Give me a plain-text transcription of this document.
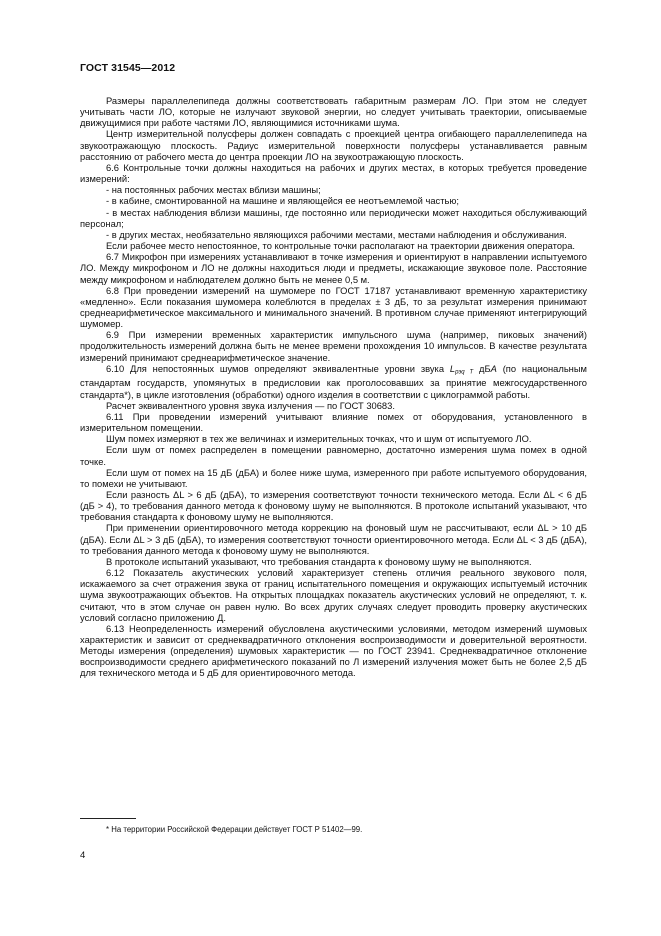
ГОСТ 31545—2012

Размеры параллелепипеда должны соответствовать габаритным размерам ЛО. При этом не следует учитывать части ЛО, которые не излучают звуковой энергии, но следует учитывать траектории, описываемые движущимися при работе частями ЛО, являющимися источниками шума.

Центр измерительной полусферы должен совпадать с проекцией центра огибающего параллелепипеда на звукоотражающую плоскость. Радиус измерительной поверхности полусферы устанавливается равным расстоянию от рабочего места до центра проекции ЛО на звукоотражающую плоскость.

6.6 Контрольные точки должны находиться на рабочих и других местах, в которых требуется проведение измерений:

- на постоянных рабочих местах вблизи машины;

- в кабине, смонтированной на машине и являющейся ее неотъемлемой частью;

- в местах наблюдения вблизи машины, где постоянно или периодически может находиться обслуживающий персонал;

- в других местах, необязательно являющихся рабочими местами, местами наблюдения и обслуживания.

Если рабочее место непостоянное, то контрольные точки располагают на траектории движения оператора.

6.7 Микрофон при измерениях устанавливают в точке измерения и ориентируют в направлении испытуемого ЛО. Между микрофоном и ЛО не должны находиться люди и предметы, искажающие звуковое поле. Расстояние между микрофоном и наблюдателем должно быть не менее 0,5 м.

6.8 При проведении измерений на шумомере по ГОСТ 17187 устанавливают временную характеристику «медленно». Если показания шумомера колеблются в пределах ± 3 дБ, то за результат измерения принимают среднеарифметическое максимального и минимального значений. В противном случае применяют интегрирующий шумомер.

6.9 При измерении временных характеристик импульсного шума (например, пиковых значений) продолжительность измерений должна быть не менее времени прохождения 10 импульсов. В качестве результата измерений принимают среднеарифметическое значение.

6.10 Для непостоянных шумов определяют эквивалентные уровни звука $L_{рэq T}$ дБА (по национальным стандартам государств, упомянутых в предисловии как проголосовавших за принятие межгосударственного стандарта*), в цикле изготовления (обработки) одного изделия в соответствии с циклограммой работы.

Расчет эквивалентного уровня звука излучения — по ГОСТ 30683.

6.11 При проведении измерений учитывают влияние помех от оборудования, установленного в измерительном помещении.

Шум помех измеряют в тех же величинах и измерительных точках, что и шум от испытуемого ЛО.

Если шум от помех распределен в помещении равномерно, достаточно измерения шума помех в одной точке.

Если шум от помех на 15 дБ (дБА) и более ниже шума, измеренного при работе испытуемого оборудования, то помехи не учитывают.

Если разность ΔL > 6 дБ (дБA), то измерения соответствуют точности технического метода. Если ΔL < 6 дБ (дБ > 4), то требования данного метода к фоновому шуму не выполняются. В протоколе испытаний указывают, что требования стандарта к фоновому шуму не выполняются.

При применении ориентировочного метода коррекцию на фоновый шум не рассчитывают, если ΔL > 10 дБ (дБA). Если ΔL > 3 дБ (дБA), то измерения соответствуют точности ориентировочного метода. Если ΔL < 3 дБ (дБA), то требования данного метода к фоновому шуму не выполняются.

В протоколе испытаний указывают, что требования стандарта к фоновому шуму не выполняются.

6.12 Показатель акустических условий характеризует степень отличия реального звукового поля, искажаемого за счет отражения звука от границ испытательного помещения и окружающих испытуемый источник шума звукоотражающих объектов. На открытых площадках показатель акустических условий не определяют, т. к. считают, что в этом случае он равен нулю. Во всех других случаях следует проводить проверку акустических условий согласно приложению Д.

6.13 Неопределенность измерений обусловлена акустическими условиями, методом измерений шумовых характеристик и зависит от среднеквадратичного отклонения воспроизводимости и доверительной вероятности. Методы измерения (определения) шумовых характеристик — по ГОСТ 23941. Среднеквадратичное отклонение воспроизводимости среднего арифметического показаний по Л измерений излучения может быть не более 2,5 дБ для технического метода и 5 дБ для ориентировочного метода.

* На территории Российской Федерации действует ГОСТ Р 51402—99.
4
